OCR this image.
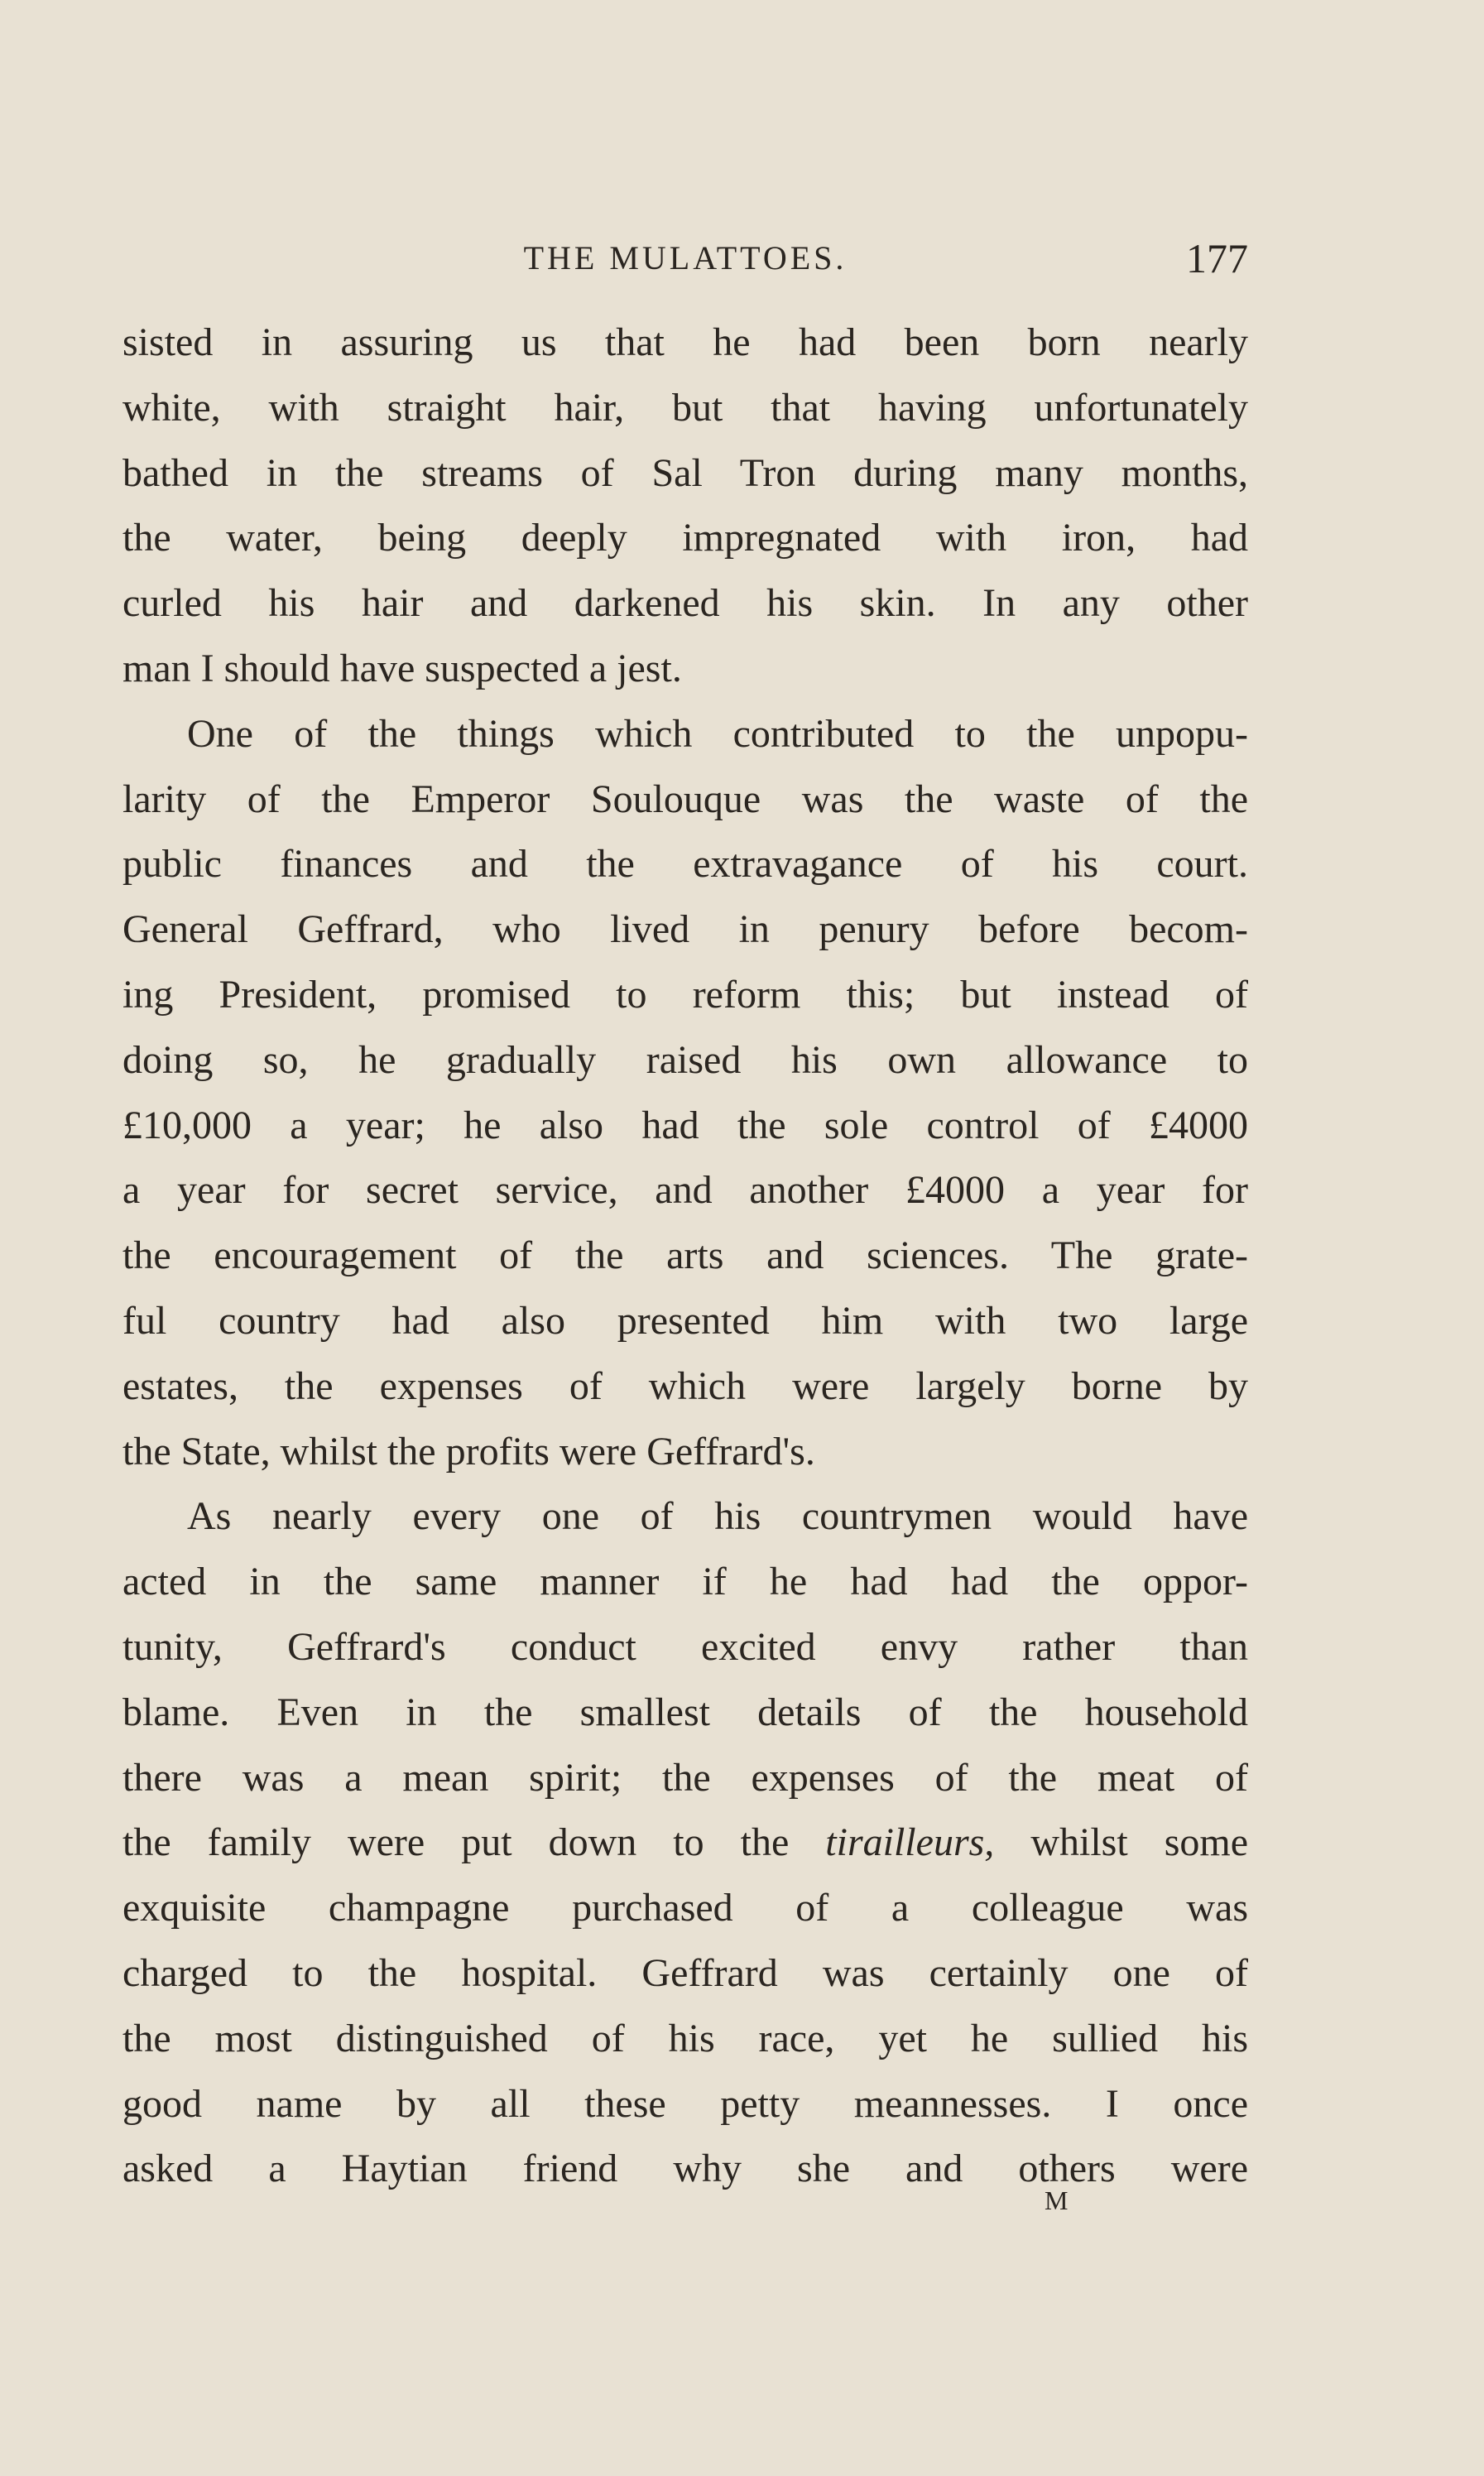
THE MULATTOES.	177
sisted in assuring us that he had been born nearly
white, with straight hair, but that having unfortunately
bathed in the streams of Sal Tron during many months,
the water, being deeply impregnated with iron, had
curled his hair and darkened his skin. In any other
man I should have suspected a jest.
One of the things which contributed to the unpopu-
larity of the Emperor Soulouque was the waste of the
public finances and the extravagance of his court.
General Geffrard, who lived in penury before becom-
ing President, promised to reform this; but instead of
doing so, he gradually raised his own allowance to
£10,000 a year; he also had the sole control of £4000
a year for secret service, and another £4000 a year for
the encouragement of the arts and sciences. The grate-
ful country had also presented him with two large
estates, the expenses of which were largely borne by
the State, whilst the profits were Geffrard's.
As nearly every one of his countrymen would have
acted in the same manner if he had had the oppor-
tunity, Geffrard's conduct excited envy rather than
blame. Even in the smallest details of the household
there was a mean spirit; the expenses of the meat of
the family were put down to the tirailleurs, whilst some
exquisite champagne purchased of a colleague was
charged to the hospital. Geffrard was certainly one of
the most distinguished of his race, yet he sullied his
good name by all these petty meannesses. I once
asked a Haytian friend why she and others were
M
